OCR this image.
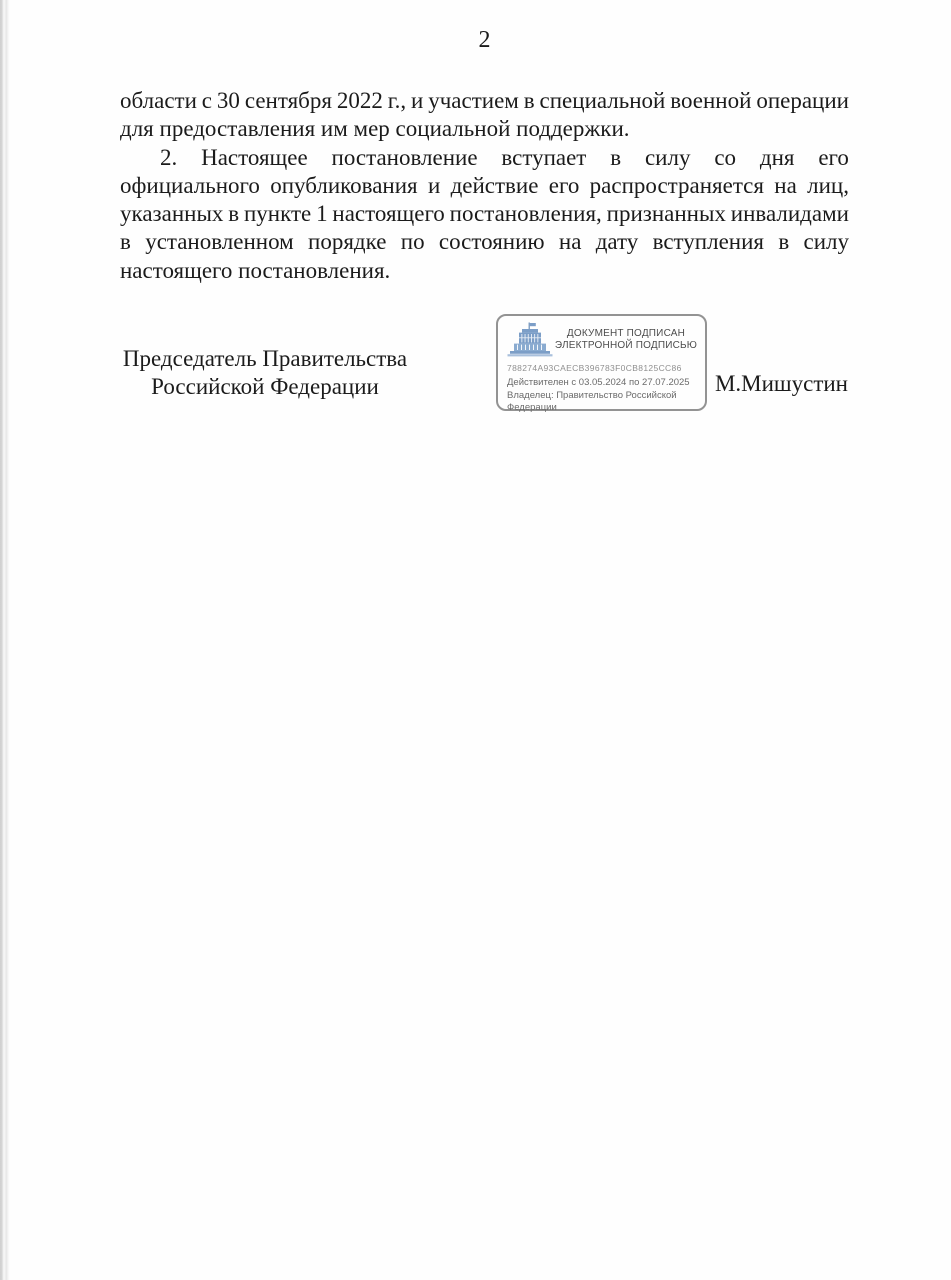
2
области с 30 сентября 2022 г., и участием в специальной военной операции
для предоставления им мер социальной поддержки.
2. Настоящее постановление вступает в силу со дня его
официального опубликования и действие его распространяется на лиц,
указанных в пункте 1 настоящего постановления, признанных инвалидами
в установленном порядке по состоянию на дату вступления в силу
настоящего постановления.
Председатель Правительства
Российской Федерации
ДОКУМЕНТ ПОДПИСАН
ЭЛЕКТРОННОЙ ПОДПИСЬЮ
788274A93CAECB396783F0CB8125CC86
Действителен с 03.05.2024 по 27.07.2025
Владелец: Правительство Российской
Федерации
М.Мишустин
